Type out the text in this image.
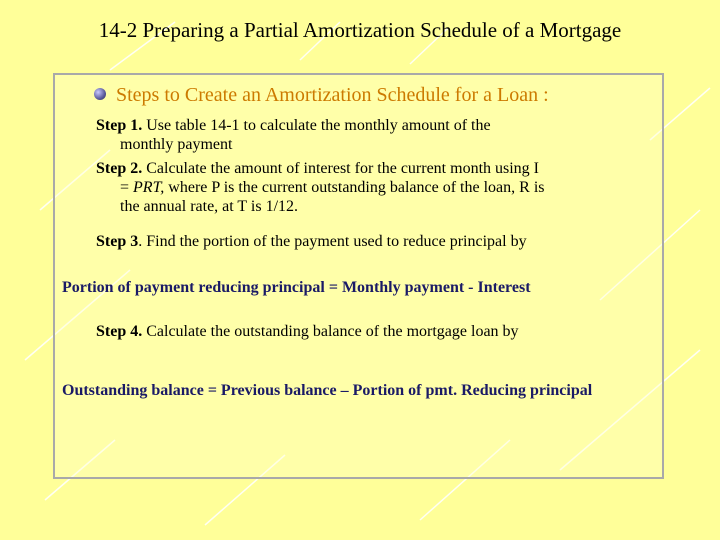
14-2 Preparing a Partial Amortization Schedule of a Mortgage
Steps to Create an Amortization Schedule for a Loan :
Step 1. Use table 14-1 to calculate the monthly amount of the
monthly payment
Step 2. Calculate the amount of interest for the current month using I
= PRT, where P is the current outstanding balance of the loan, R is
the annual rate, at T is 1/12.
Step 3. Find the portion of the payment used to reduce principal by
Portion of payment reducing principal = Monthly payment - Interest
Step 4. Calculate the outstanding balance of the mortgage loan by
Outstanding balance = Previous balance – Portion of pmt. Reducing principal
